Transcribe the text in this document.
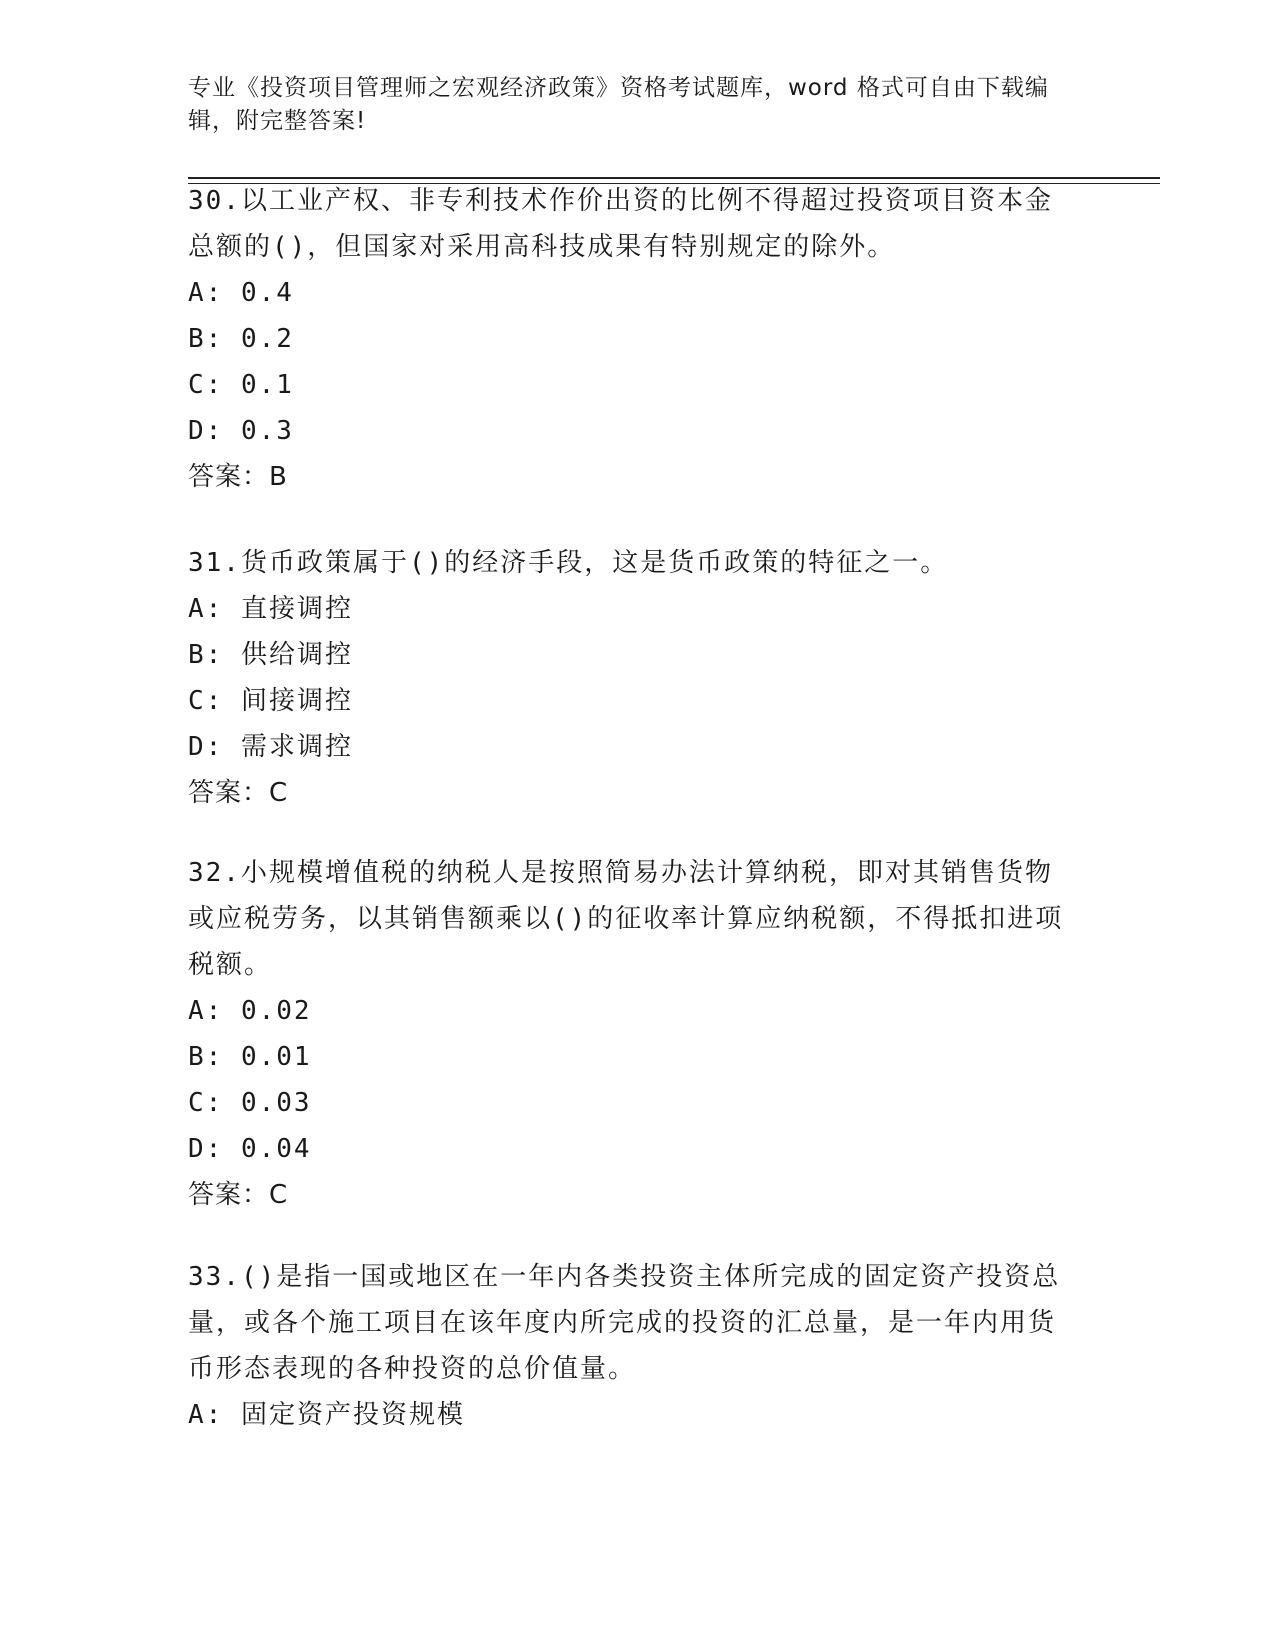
专业《投资项目管理师之宏观经济政策》资格考试题库，word 格式可自由下载编
辑，附完整答案!
30.以工业产权、非专利技术作价出资的比例不得超过投资项目资本金总额的()，但国家对采用高科技成果有特别规定的除外。
A: 0.4
B: 0.2
C: 0.1
D: 0.3
答案：B
31.货币政策属于()的经济手段，这是货币政策的特征之一。
A: 直接调控
B: 供给调控
C: 间接调控
D: 需求调控
答案：C
32.小规模增值税的纳税人是按照简易办法计算纳税，即对其销售货物或应税劳务，以其销售额乘以()的征收率计算应纳税额，不得抵扣进项税额。
A: 0.02
B: 0.01
C: 0.03
D: 0.04
答案：C
33.()是指一国或地区在一年内各类投资主体所完成的固定资产投资总量，或各个施工项目在该年度内所完成的投资的汇总量，是一年内用货币形态表现的各种投资的总价值量。
A: 固定资产投资规模
